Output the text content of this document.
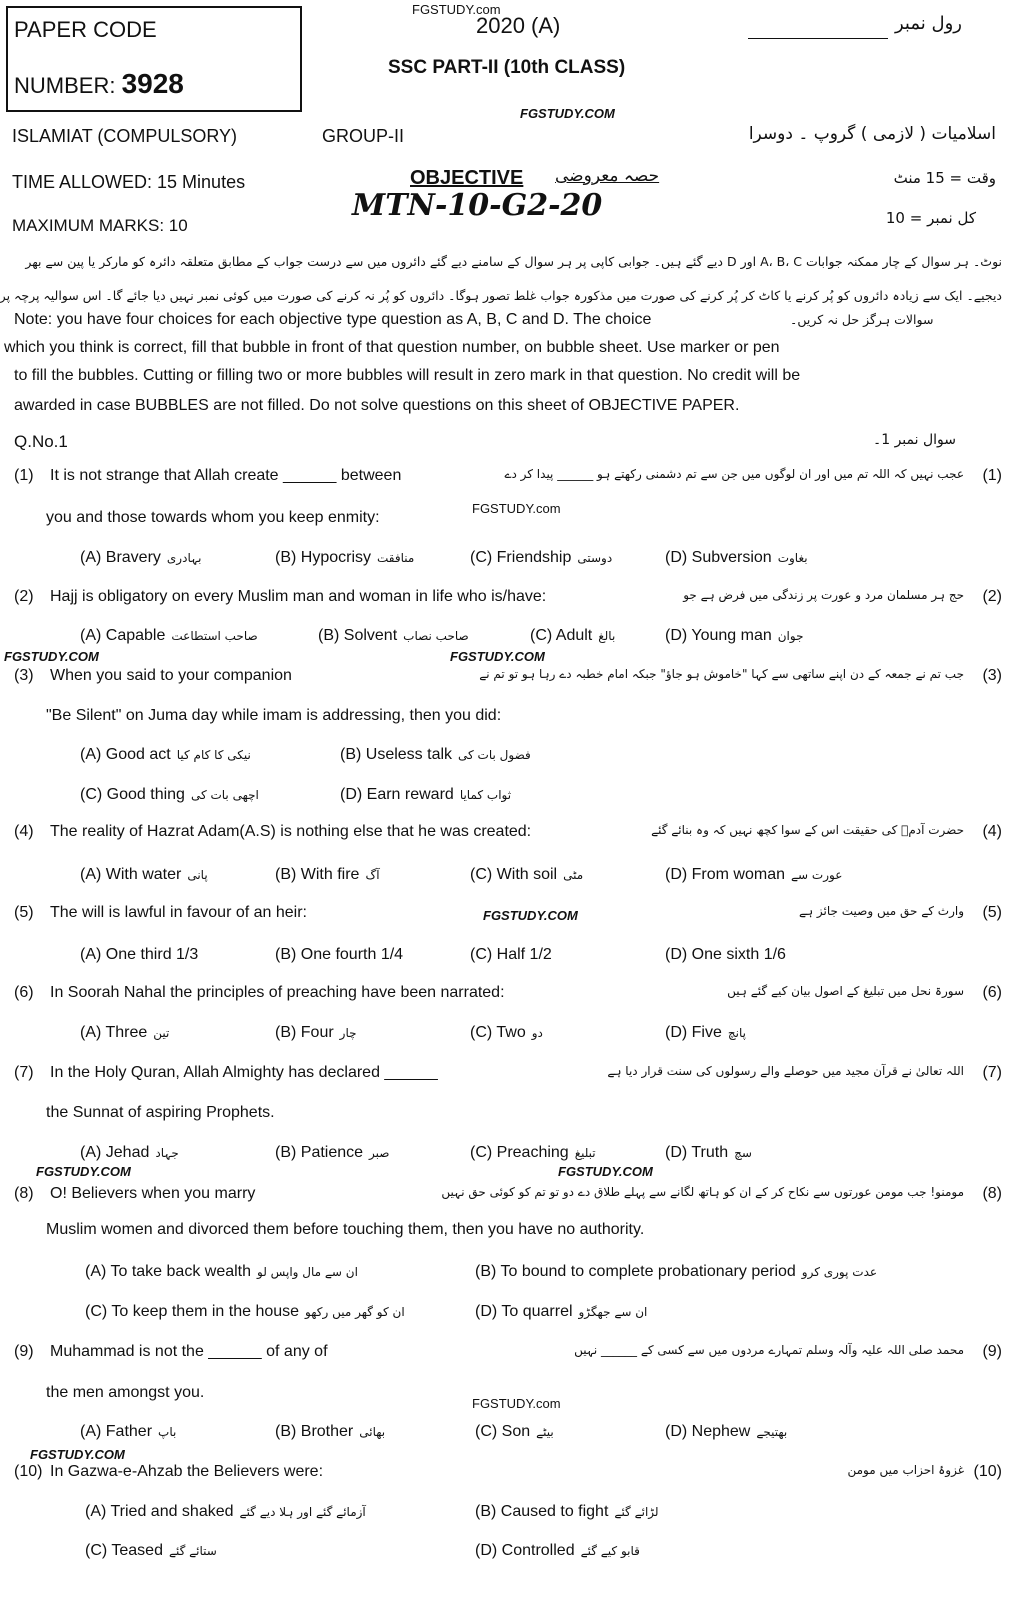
PAPER CODE
NUMBER: 3928
FGSTUDY.com
2020 (A)
SSC PART-II (10th CLASS)
رول نمبر
FGSTUDY.COM
ISLAMIAT (COMPULSORY)	GROUP-II	اسلامیات ( لازمی ) گروپ ۔ دوسرا
TIME ALLOWED: 15 Minutes	OBJECTIVE حصہ معروضی	وقت = 15 منٹ
MAXIMUM MARKS: 10
MTN-10-G2-20	کل نمبر = 10
نوٹ۔ ہر سوال کے چار ممکنہ جوابات A، B، C اور D دیے گئے ہیں۔ جوابی کاپی پر ہر سوال کے سامنے دیے گئے دائروں میں سے درست جواب کے مطابق متعلقہ دائرہ کو مارکر یا پین سے بھر
دیجیے۔ ایک سے زیادہ دائروں کو پُر کرنے یا کاٹ کر پُر کرنے کی صورت میں مذکورہ جواب غلط تصور ہوگا۔ دائروں کو پُر نہ کرنے کی صورت میں کوئی نمبر نہیں دیا جائے گا۔ اس سوالیہ پرچہ پر
سوالات ہرگز حل نہ کریں۔
Note: you have four choices for each objective type question as A, B, C and D. The choice
which you think is correct, fill that bubble in front of that question number, on bubble sheet. Use marker or pen
to fill the bubbles. Cutting or filling two or more bubbles will result in zero mark in that question. No credit will be
awarded in case BUBBLES are not filled. Do not solve questions on this sheet of OBJECTIVE PAPER.
Q.No.1	سوال نمبر 1۔
(1) It is not strange that Allah create ______ between
you and those towards whom you keep enmity:
عجب نہیں کہ اللہ تم میں اور ان لوگوں میں جن سے تم دشمنی رکھتے ہو ______ پیدا کر دے (1)
(A) Bravery بہادری	(B) Hypocrisy منافقت	(C) Friendship دوستی	(D) Subversion بغاوت
(2) Hajj is obligatory on every Muslim man and woman in life who is/have:	حج ہر مسلمان مرد و عورت پر زندگی میں فرض ہے جو (2)
(A) Capable صاحب استطاعت	(B) Solvent صاحب نصاب	(C) Adult بالغ	(D) Young man جوان
(3) When you said to your companion
"Be Silent" on Juma day while imam is addressing, then you did:
جب تم نے جمعہ کے دن اپنے ساتھی سے کہا "خاموش ہو جاؤ" جبکہ امام خطبہ دے رہا ہو تو تم نے (3)
(A) Good act نیکی کا کام کیا	(B) Useless talk فضول بات کی
(C) Good thing اچھی بات کی	(D) Earn reward ثواب کمایا
(4) The reality of Hazrat Adam(A.S) is nothing else that he was created:	حضرت آدمؑ کی حقیقت اس کے سوا کچھ نہیں کہ وہ بنائے گئے (4)
(A) With water پانی	(B) With fire آگ	(C) With soil مٹی	(D) From woman عورت سے
(5) The will is lawful in favour of an heir:	وارث کے حق میں وصیت جائز ہے (5)
(A) One third 1/3	(B) One fourth 1/4	(C) Half 1/2	(D) One sixth 1/6
(6) In Soorah Nahal the principles of preaching have been narrated:	سورۃ نحل میں تبلیغ کے اصول بیان کیے گئے ہیں (6)
(A) Three تین	(B) Four چار	(C) Two دو	(D) Five پانچ
(7) In the Holy Quran, Allah Almighty has declared ______
the Sunnat of aspiring Prophets.
اللہ تعالیٰ نے قرآن مجید میں حوصلے والے رسولوں کی سنت قرار دیا ہے (7)
(A) Jehad جہاد	(B) Patience صبر	(C) Preaching تبلیغ	(D) Truth سچ
(8) O! Believers when you marry
Muslim women and divorced them before touching them, then you have no authority.
مومنو! جب مومن عورتوں سے نکاح کر کے ان کو ہاتھ لگانے سے پہلے طلاق دے دو تو تم کو کوئی حق نہیں (8)
(A) To take back wealth ان سے مال واپس لو	(B) To bound to complete probationary period عدت پوری کرو
(C) To keep them in the house ان کو گھر میں رکھو	(D) To quarrel ان سے جھگڑو
(9) Muhammad is not the ______ of any of
the men amongst you.
محمد صلی اللہ علیہ وآلہ وسلم تمہارے مردوں میں سے کسی کے ______ نہیں (9)
(A) Father باپ	(B) Brother بھائی	(C) Son بیٹے	(D) Nephew بھتیجے
(10) In Gazwa-e-Ahzab the Believers were:	غزوۂ احزاب میں مومن (10)
(A) Tried and shaked آزمائے گئے اور ہلا دیے گئے	(B) Caused to fight لڑائے گئے
(C) Teased ستائے گئے	(D) Controlled قابو کیے گئے
FGSTUDY.COM	FGSTUDY.COM
FGSTUDY.COM
FGSTUDY.COM	FGSTUDY.COM
FGSTUDY.COM
FGSTUDY.com
FGSTUDY.com
